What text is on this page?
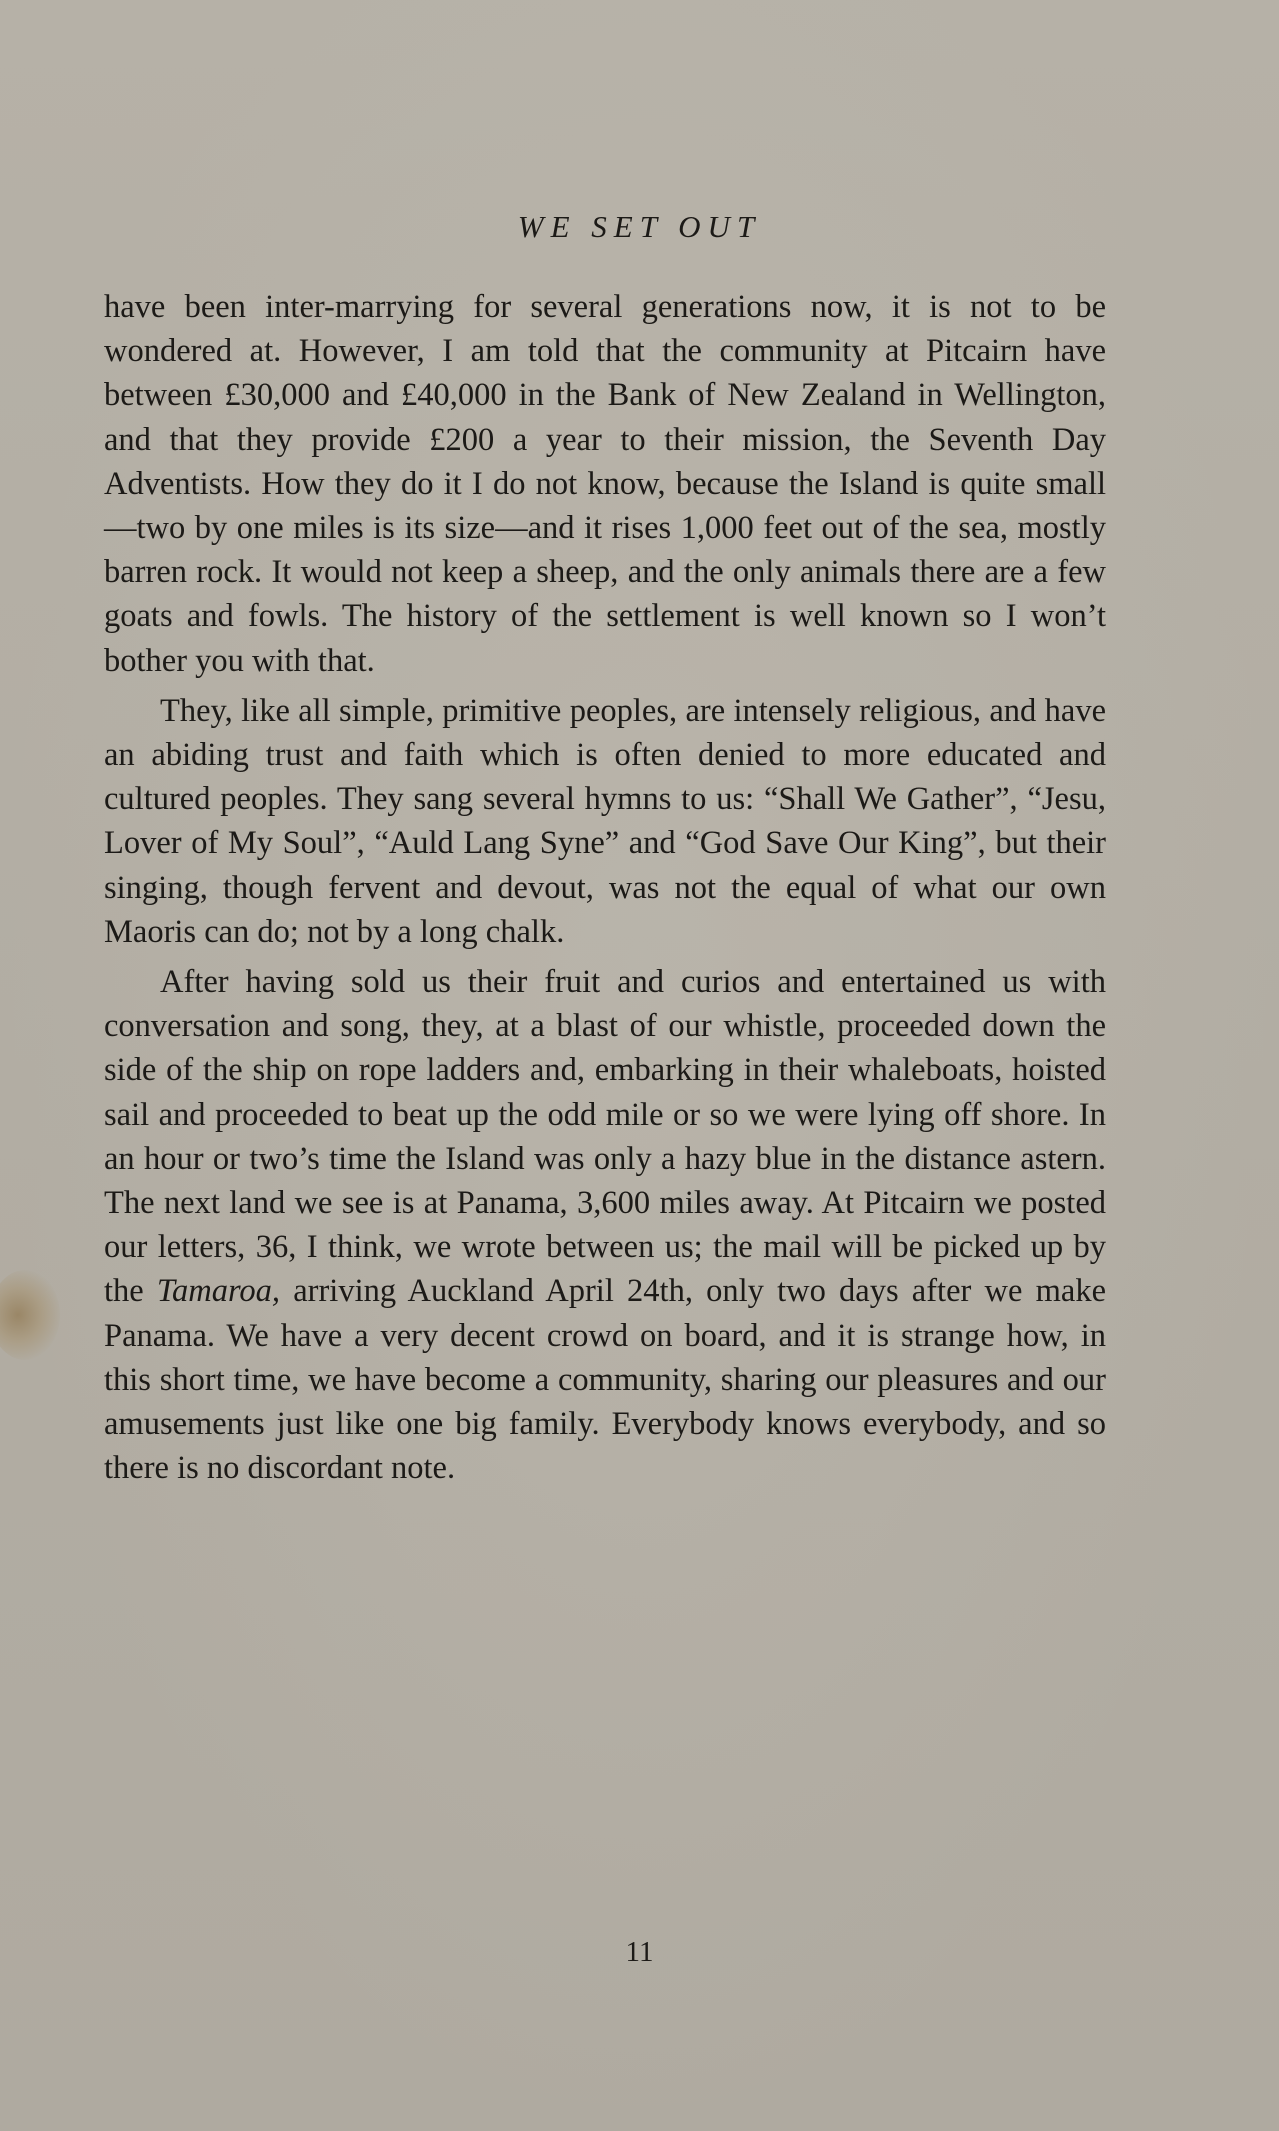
WE SET OUT

have been inter-marrying for several generations now, it is not to be wondered at. However, I am told that the community at Pitcairn have between £30,000 and £40,000 in the Bank of New Zealand in Wellington, and that they provide £200 a year to their mission, the Seventh Day Adventists. How they do it I do not know, because the Island is quite small—two by one miles is its size—and it rises 1,000 feet out of the sea, mostly barren rock. It would not keep a sheep, and the only animals there are a few goats and fowls. The history of the settlement is well known so I won’t bother you with that.

They, like all simple, primitive peoples, are intensely religious, and have an abiding trust and faith which is often denied to more educated and cultured peoples. They sang several hymns to us: “Shall We Gather”, “Jesu, Lover of My Soul”, “Auld Lang Syne” and “God Save Our King”, but their singing, though fervent and devout, was not the equal of what our own Maoris can do; not by a long chalk.

After having sold us their fruit and curios and entertained us with conversation and song, they, at a blast of our whistle, proceeded down the side of the ship on rope ladders and, embarking in their whaleboats, hoisted sail and proceeded to beat up the odd mile or so we were lying off shore. In an hour or two’s time the Island was only a hazy blue in the distance astern. The next land we see is at Panama, 3,600 miles away. At Pitcairn we posted our letters, 36, I think, we wrote between us; the mail will be picked up by the Tamaroa, arriving Auckland April 24th, only two days after we make Panama. We have a very decent crowd on board, and it is strange how, in this short time, we have become a community, sharing our pleasures and our amusements just like one big family. Everybody knows everybody, and so there is no discordant note.

11
